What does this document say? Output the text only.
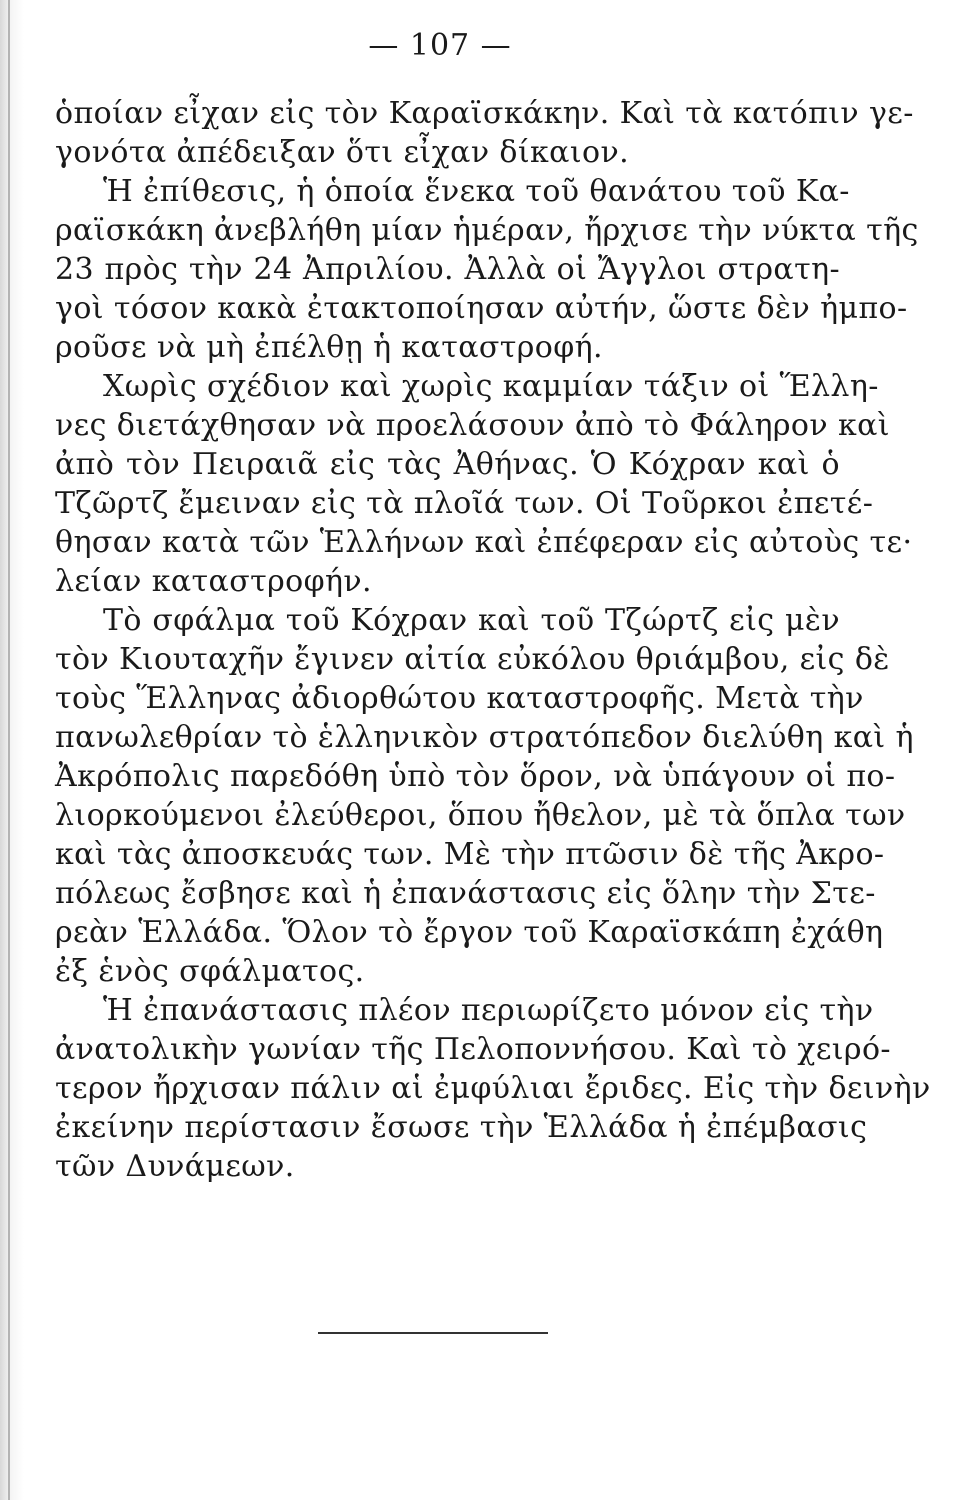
— 107 —
ὁποίαν εἶχαν εἰς τὸν Καραϊσκάκην. Καὶ τὰ κατόπιν γε-
γονότα ἀπέδειξαν ὅτι εἶχαν δίκαιον.
Ἡ ἐπίθεσις, ἡ ὁποία ἕνεκα τοῦ θανάτου τοῦ Κα-
ραϊσκάκη ἀνεβλήθη μίαν ἡμέραν, ἤρχισε τὴν νύκτα τῆς
23 πρὸς τὴν 24 Ἀπριλίου. Ἀλλὰ οἱ Ἄγγλοι στρατη-
γοὶ τόσον κακὰ ἐτακτοποίησαν αὐτήν, ὥστε δὲν ἠμπο-
ροῦσε νὰ μὴ ἐπέλθῃ ἡ καταστροφή.
Χωρὶς σχέδιον καὶ χωρὶς καμμίαν τάξιν οἱ Ἕλλη-
νες διετάχθησαν νὰ προελάσουν ἀπὸ τὸ Φάληρον καὶ
ἀπὸ τὸν Πειραιᾶ εἰς τὰς Ἀθήνας. Ὁ Κόχραν καὶ ὁ
Τζῶρτζ ἔμειναν εἰς τὰ πλοῖά των. Οἱ Τοῦρκοι ἐπετέ-
θησαν κατὰ τῶν Ἑλλήνων καὶ ἐπέφεραν εἰς αὐτοὺς τε·
λείαν καταστροφήν.
Τὸ σφάλμα τοῦ Κόχραν καὶ τοῦ Τζώρτζ εἰς μὲν
τὸν Κιουταχῆν ἔγινεν αἰτία εὐκόλου θριάμβου, εἰς δὲ
τοὺς Ἕλληνας ἀδιορθώτου καταστροφῆς. Μετὰ τὴν
πανωλεθρίαν τὸ ἑλληνικὸν στρατόπεδον διελύθη καὶ ἡ
Ἀκρόπολις παρεδόθη ὑπὸ τὸν ὅρον, νὰ ὑπάγουν οἱ πο-
λιορκούμενοι ἐλεύθεροι, ὅπου ἤθελον, μὲ τὰ ὅπλα των
καὶ τὰς ἀποσκευάς των. Μὲ τὴν πτῶσιν δὲ τῆς Ἀκρο-
πόλεως ἔσβησε καὶ ἡ ἐπανάστασις εἰς ὅλην τὴν Στε-
ρεὰν Ἑλλάδα. Ὅλον τὸ ἔργον τοῦ Καραϊσκάπη ἐχάθη
ἐξ ἑνὸς σφάλματος.
Ἡ ἐπανάστασις πλέον περιωρίζετο μόνον εἰς τὴν
ἀνατολικὴν γωνίαν τῆς Πελοποννήσου. Καὶ τὸ χειρό-
τερον ἤρχισαν πάλιν αἱ ἐμφύλιαι ἔριδες. Εἰς τὴν δεινὴν
ἐκείνην περίστασιν ἔσωσε τὴν Ἑλλάδα ἡ ἐπέμβασις
τῶν Δυνάμεων.
